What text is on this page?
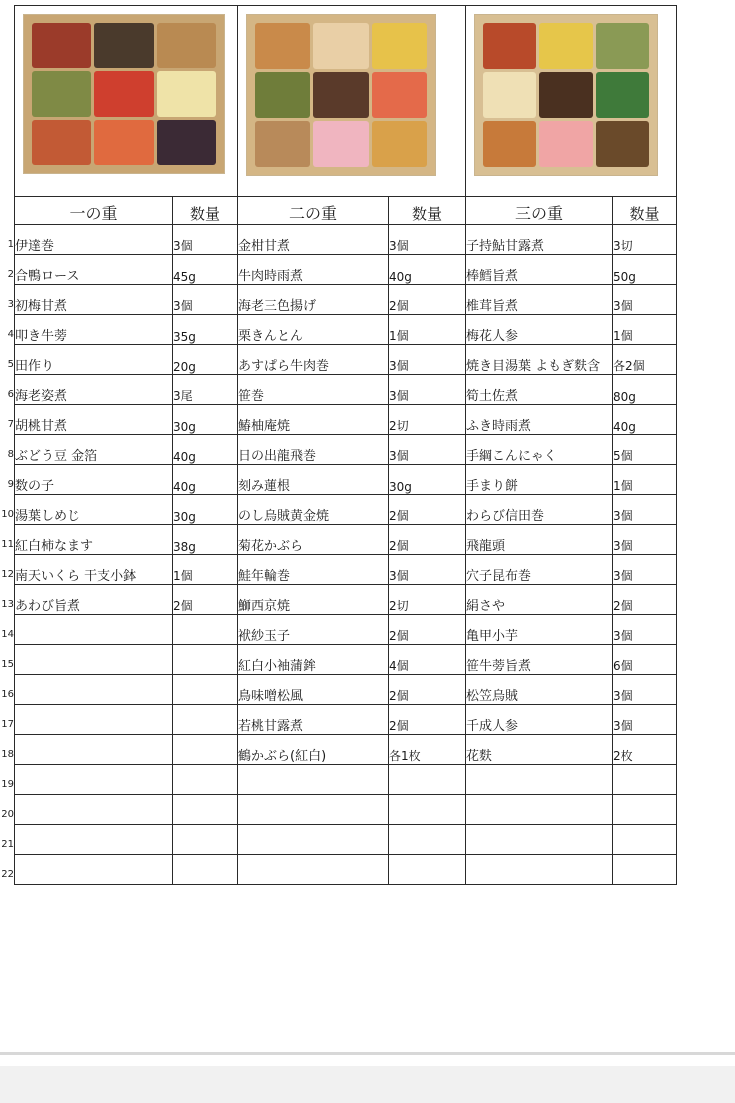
一の重	数量	二の重	数量	三の重	数量
伊達巻	3個	金柑甘煮	3個	子持鮎甘露煮	3切
合鴨ロース	45g	牛肉時雨煮	40g	棒鱈旨煮	50g
初梅甘煮	3個	海老三色揚げ	2個	椎茸旨煮	3個
叩き牛蒡	35g	栗きんとん	1個	梅花人参	1個
田作り	20g	あすぱら牛肉巻	3個	焼き目湯葉 よもぎ麩含	各2個
海老姿煮	3尾	笹巻	3個	筍土佐煮	80g
胡桃甘煮	30g	鰆柚庵焼	2切	ふき時雨煮	40g
ぶどう豆 金箔	40g	日の出龍飛巻	3個	手綱こんにゃく	5個
数の子	40g	刻み蓮根	30g	手まり餅	1個
湯葉しめじ	30g	のし烏賊黄金焼	2個	わらび信田巻	3個
紅白柿なます	38g	菊花かぶら	2個	飛龍頭	3個
南天いくら 干支小鉢	1個	鮭年輪巻	3個	穴子昆布巻	3個
あわび旨煮	2個	鰤西京焼	2切	絹さや	2個
		袱紗玉子	2個	亀甲小芋	3個
		紅白小袖蒲鉾	4個	笹牛蒡旨煮	6個
		鳥味噌松風	2個	松笠烏賊	3個
		若桃甘露煮	2個	千成人参	3個
		鶴かぶら(紅白)	各1枚	花麩	2枚

1
2
3
4
5
6
7
8
9
10
11
12
13
14
15
16
17
18
19
20
21
22
